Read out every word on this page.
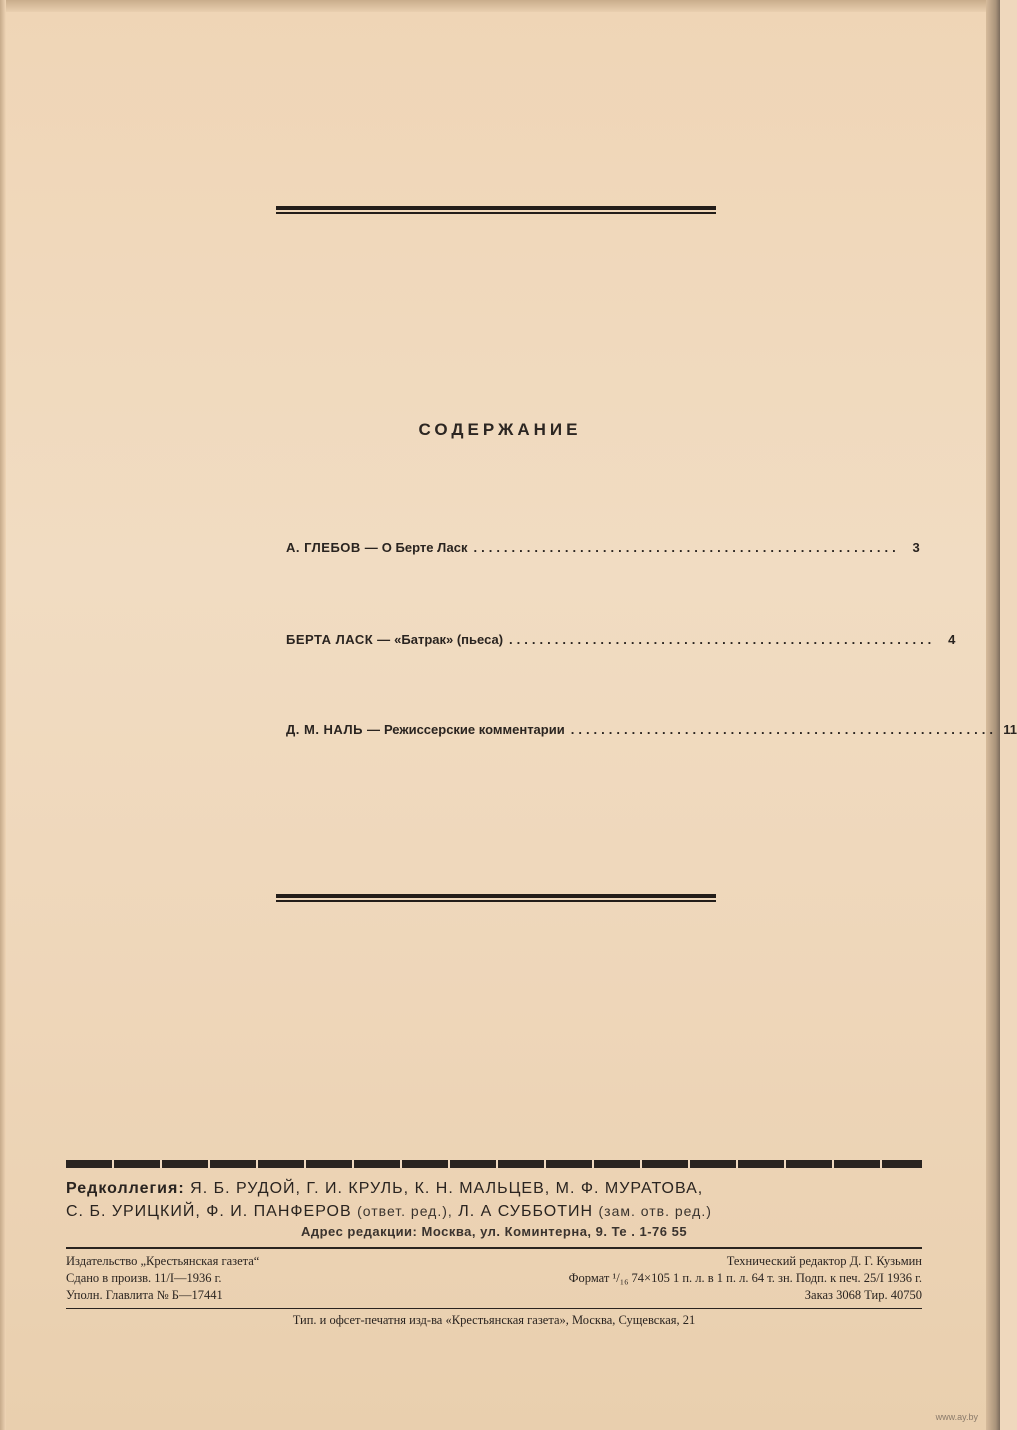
СОДЕРЖАНИЕ
А. ГЛЕБОВ — О Берте Ласк ........................................................ 3
БЕРТА ЛАСК — «Батрак» (пьеса) ........................................................ 4
Д. М. НАЛЬ — Режиссерские комментарии ........................................................ 11
Редколлегия: Я. Б. РУДОЙ, Г. И. КРУЛЬ, К. Н. МАЛЬЦЕВ, М. Ф. МУРАТОВА,
С. Б. УРИЦКИЙ, Ф. И. ПАНФЕРОВ (ответ. ред.), Л. А СУББОТИН (зам. отв. ред.)
Адрес редакции: Москва, ул. Коминтерна, 9. Те . 1-76 55
Издательство „Крестьянская газета“	Технический редактор Д. Г. Кузьмин
Сдано в произв. 11/I—1936 г.	Формат ¹/₁₆ 74×105 1 п. л. в 1 п. л. 64 т. зн. Подп. к печ. 25/I 1936 г.
Уполн. Главлита № Б—17441	Заказ 3068 Тир. 40750
Тип. и офсет-печатня изд-ва «Крестьянская газета», Москва, Сущевская, 21
www.ay.by
